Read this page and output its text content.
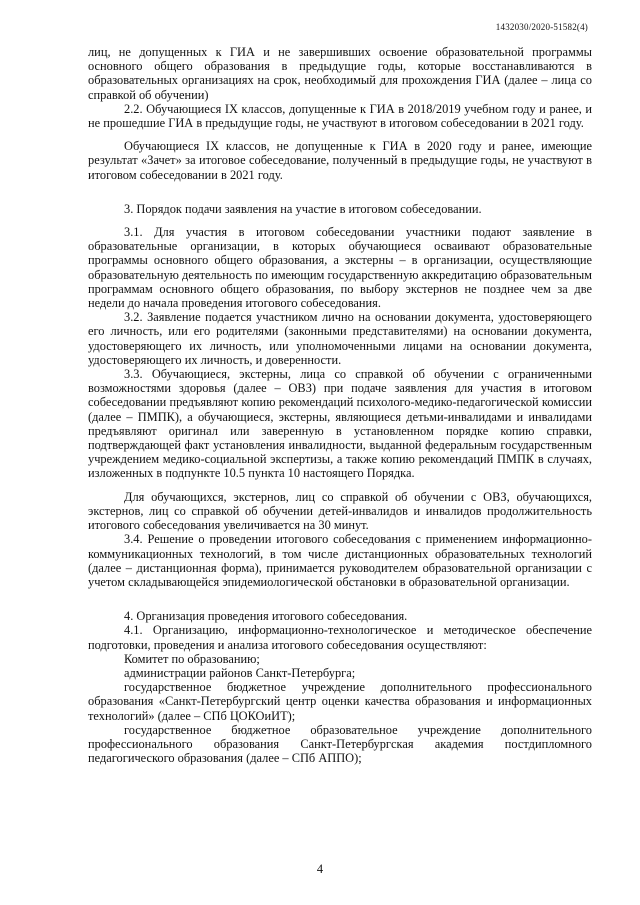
1432030/2020-51582(4)

лиц, не допущенных к ГИА и не завершивших освоение образовательной программы основного общего образования в предыдущие годы, которые восстанавливаются в образовательных организациях на срок, необходимый для прохождения ГИА (далее – лица со справкой об обучении)

2.2. Обучающиеся IX классов, допущенные к ГИА в 2018/2019 учебном году и ранее, и не прошедшие ГИА в предыдущие годы, не участвуют в итоговом собеседовании в 2021 году.

Обучающиеся IX классов, не допущенные к ГИА в 2020 году и ранее, имеющие результат «Зачет» за итоговое собеседование, полученный в предыдущие годы, не участвуют в итоговом собеседовании в 2021 году.

3. Порядок подачи заявления на участие в итоговом собеседовании.

3.1. Для участия в итоговом собеседовании участники подают заявление в образовательные организации, в которых обучающиеся осваивают образовательные программы основного общего образования, а экстерны – в организации, осуществляющие образовательную деятельность по имеющим государственную аккредитацию образовательным программам основного общего образования, по выбору экстернов не позднее чем за две недели до начала проведения итогового собеседования.

3.2. Заявление подается участником лично на основании документа, удостоверяющего его личность, или его родителями (законными представителями) на основании документа, удостоверяющего их личность, или уполномоченными лицами на основании документа, удостоверяющего их личность, и доверенности.

3.3. Обучающиеся, экстерны, лица со справкой об обучении с ограниченными возможностями здоровья (далее – ОВЗ) при подаче заявления для участия в итоговом собеседовании предъявляют копию рекомендаций психолого-медико-педагогической комиссии (далее – ПМПК), а обучающиеся, экстерны, являющиеся детьми-инвалидами и инвалидами предъявляют оригинал или заверенную в установленном порядке копию справки, подтверждающей факт установления инвалидности, выданной федеральным государственным учреждением медико-социальной экспертизы, а также копию рекомендаций ПМПК в случаях, изложенных в подпункте 10.5 пункта 10 настоящего Порядка.

Для обучающихся, экстернов, лиц со справкой об обучении с ОВЗ, обучающихся, экстернов, лиц со справкой об обучении детей-инвалидов и инвалидов продолжительность итогового собеседования увеличивается на 30 минут.

3.4. Решение о проведении итогового собеседования с применением информационно-коммуникационных технологий, в том числе дистанционных образовательных технологий (далее – дистанционная форма), принимается руководителем образовательной организации с учетом складывающейся эпидемиологической обстановки в образовательной организации.

4. Организация проведения итогового собеседования.

4.1. Организацию, информационно-технологическое и методическое обеспечение подготовки, проведения и анализа итогового собеседования осуществляют:

Комитет по образованию;

администрации районов Санкт-Петербурга;

государственное бюджетное учреждение дополнительного профессионального образования «Санкт-Петербургский центр оценки качества образования и информационных технологий» (далее – СПб ЦОКОиИТ);

государственное бюджетное образовательное учреждение дополнительного профессионального образования Санкт-Петербургская академия постдипломного педагогического образования (далее – СПб АППО);

4
